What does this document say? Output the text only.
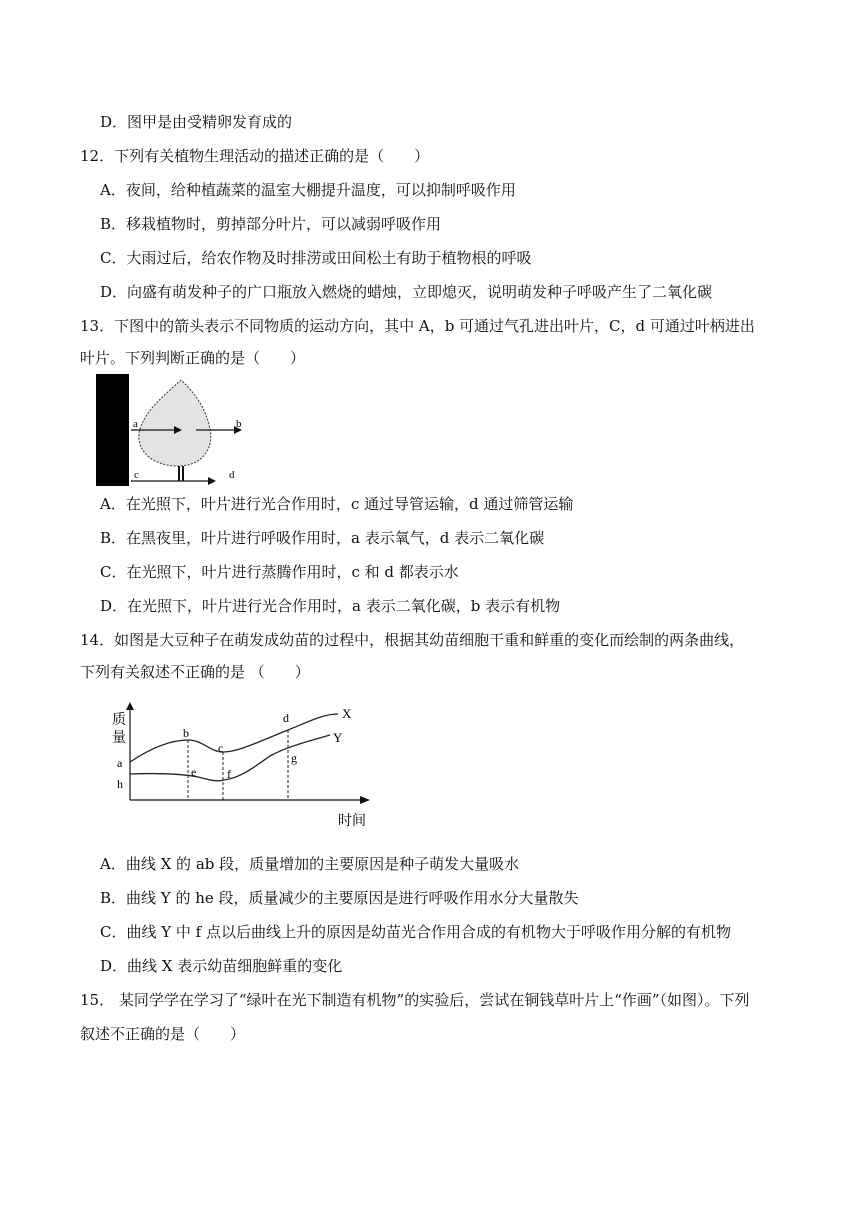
D．图甲是由受精卵发育成的
12．下列有关植物生理活动的描述正确的是（　　）
A．夜间，给种植蔬菜的温室大棚提升温度，可以抑制呼吸作用
B．移栽植物时，剪掉部分叶片，可以减弱呼吸作用
C．大雨过后，给农作物及时排涝或田间松土有助于植物根的呼吸
D．向盛有萌发种子的广口瓶放入燃烧的蜡烛，立即熄灭，说明萌发种子呼吸产生了二氧化碳
13．下图中的箭头表示不同物质的运动方向，其中 A，b 可通过气孔进出叶片，C，d 可通过叶柄进出
叶片。下列判断正确的是（　　）
a	b
c	d
A．在光照下，叶片进行光合作用时，c 通过导管运输，d 通过筛管运输
B．在黑夜里，叶片进行呼吸作用时，a 表示氧气，d 表示二氧化碳
C．在光照下，叶片进行蒸腾作用时，c 和 d 都表示水
D．在光照下，叶片进行光合作用时，a 表示二氧化碳，b 表示有机物
14．如图是大豆种子在萌发成幼苗的过程中，根据其幼苗细胞干重和鲜重的变化而绘制的两条曲线，
下列有关叙述不正确的是 （　　）
质
量
时间
a
h
b
c
d
e	f
g
X
Y
A．曲线 X 的 ab 段，质量增加的主要原因是种子萌发大量吸水
B．曲线 Y 的 he 段，质量减少的主要原因是进行呼吸作用水分大量散失
C．曲线 Y 中 f 点以后曲线上升的原因是幼苗光合作用合成的有机物大于呼吸作用分解的有机物
D．曲线 X 表示幼苗细胞鲜重的变化
15． 某同学学在学习了“绿叶在光下制造有机物”的实验后，尝试在铜钱草叶片上“作画”（如图）。下列
叙述不正确的是（　　）
